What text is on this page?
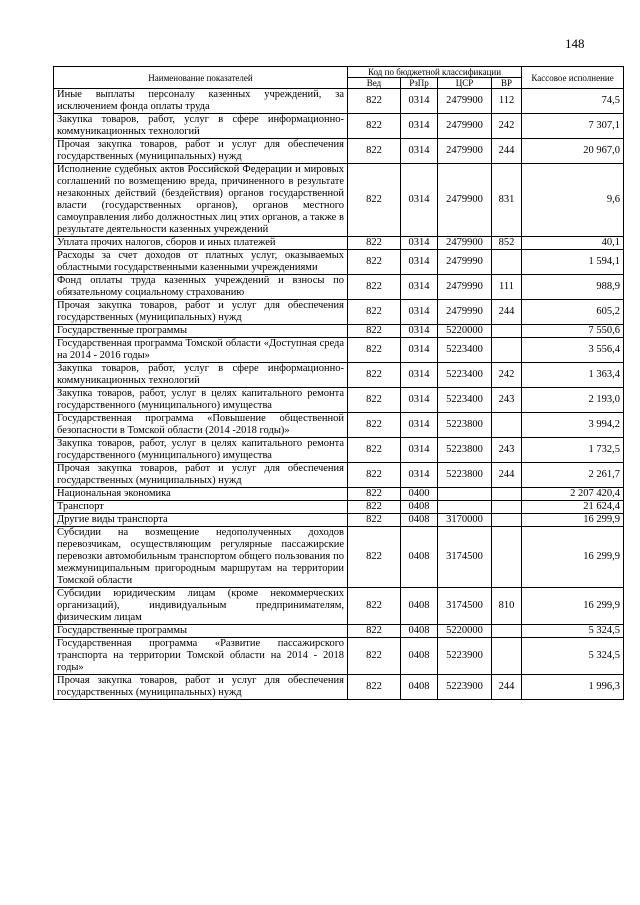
148
Наименование показателей	Код по бюджетной классификации				Кассовое исполнение
	Вед	РзПр	ЦСР	ВР	
Иные выплаты персоналу казенных учреждений, за исключением фонда оплаты труда	822	0314	2479900	112	74,5
Закупка товаров, работ, услуг в сфере информационно-коммуникационных технологий	822	0314	2479900	242	7 307,1
Прочая закупка товаров, работ и услуг для обеспечения государственных (муниципальных) нужд	822	0314	2479900	244	20 967,0
Исполнение судебных актов Российской Федерации и мировых соглашений по возмещению вреда, причиненного в результате незаконных действий (бездействия) органов государственной власти (государственных органов), органов местного самоуправления либо должностных лиц этих органов, а также в результате деятельности казенных учреждений	822	0314	2479900	831	9,6
Уплата прочих налогов, сборов и иных платежей	822	0314	2479900	852	40,1
Расходы за счет доходов от платных услуг, оказываемых областными государственными казенными учреждениями	822	0314	2479990		1 594,1
Фонд оплаты труда казенных учреждений и взносы по обязательному социальному страхованию	822	0314	2479990	111	988,9
Прочая закупка товаров, работ и услуг для обеспечения государственных (муниципальных) нужд	822	0314	2479990	244	605,2
Государственные программы	822	0314	5220000		7 550,6
Государственная программа Томской области «Доступная среда на 2014 - 2016 годы»	822	0314	5223400		3 556,4
Закупка товаров, работ, услуг в сфере информационно-коммуникационных технологий	822	0314	5223400	242	1 363,4
Закупка товаров, работ, услуг в целях капитального ремонта государственного (муниципального) имущества	822	0314	5223400	243	2 193,0
Государственная программа «Повышение общественной безопасности в Томской области (2014 -2018 годы)»	822	0314	5223800		3 994,2
Закупка товаров, работ, услуг в целях капитального ремонта государственного (муниципального) имущества	822	0314	5223800	243	1 732,5
Прочая закупка товаров, работ и услуг для обеспечения государственных (муниципальных) нужд	822	0314	5223800	244	2 261,7
Национальная экономика	822	0400			2 207 420,4
Транспорт	822	0408			21 624,4
Другие виды транспорта	822	0408	3170000		16 299,9
Субсидии на возмещение недополученных доходов перевозчикам, осуществляющим регулярные пассажирские перевозки автомобильным транспортом общего пользования по межмуниципальным пригородным маршрутам на территории Томской области	822	0408	3174500		16 299,9
Субсидии юридическим лицам (кроме некоммерческих организаций), индивидуальным предпринимателям, физическим лицам	822	0408	3174500	810	16 299,9
Государственные программы	822	0408	5220000		5 324,5
Государственная программа «Развитие пассажирского транспорта на территории Томской области на 2014 - 2018 годы»	822	0408	5223900		5 324,5
Прочая закупка товаров, работ и услуг для обеспечения государственных (муниципальных) нужд	822	0408	5223900	244	1 996,3
